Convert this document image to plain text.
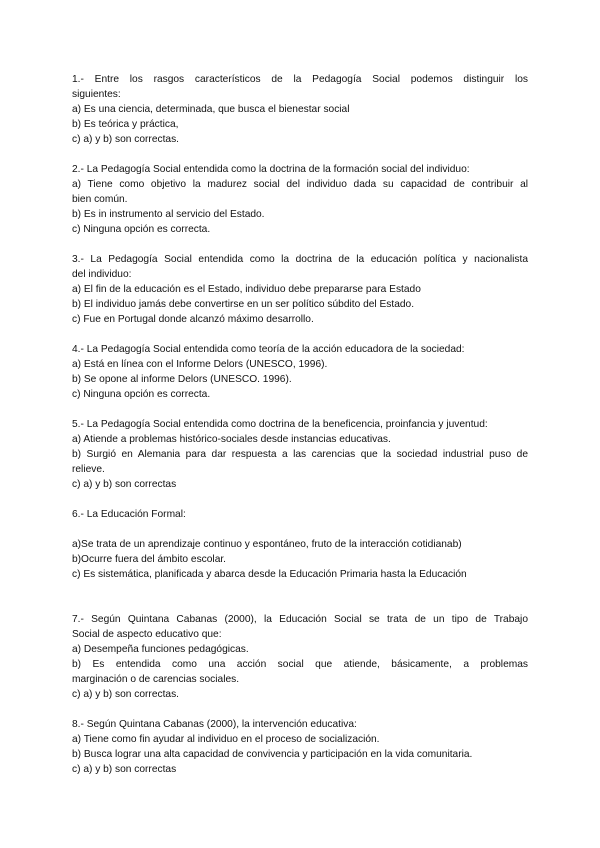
1.- Entre los rasgos característicos de la Pedagogía Social podemos distinguir los
siguientes:
a) Es una ciencia, determinada, que busca el bienestar social
b) Es teórica y práctica,
c) a) y b) son correctas.
2.- La Pedagogía Social entendida como la doctrina de la formación social del individuo:
a) Tiene como objetivo la madurez social del individuo dada su capacidad de contribuir al
bien común.
b) Es in instrumento al servicio del Estado.
c) Ninguna opción es correcta.
3.- La Pedagogía Social entendida como la doctrina de la educación política y nacionalista
del individuo:
a) El fin de la educación es el Estado, individuo debe prepararse para Estado
b) El individuo jamás debe convertirse en un ser político súbdito del Estado.
c) Fue en Portugal donde alcanzó máximo desarrollo.
4.- La Pedagogía Social entendida como teoría de la acción educadora de la sociedad:
a) Está en línea con el Informe Delors (UNESCO, 1996).
b) Se opone al informe Delors (UNESCO. 1996).
c) Ninguna opción es correcta.
5.- La Pedagogía Social entendida como doctrina de la beneficencia, proinfancia y juventud:
a) Atiende a problemas histórico-sociales desde instancias educativas.
b) Surgió en Alemania para dar respuesta a las carencias que la sociedad industrial puso de
relieve.
c) a) y b) son correctas
6.- La Educación Formal:
a)Se trata de un aprendizaje continuo y espontáneo, fruto de la interacción cotidianab)
b)Ocurre fuera del ámbito escolar.
c) Es sistemática, planificada y abarca desde la Educación Primaria hasta la Educación
7.- Según Quintana Cabanas (2000), la Educación Social se trata de un tipo de Trabajo
Social de aspecto educativo que:
a) Desempeña funciones pedagógicas.
b) Es entendida como una acción social que atiende, básicamente, a problemas
marginación o de carencias sociales.
c) a) y b) son correctas.
8.- Según Quintana Cabanas (2000), la intervención educativa:
a) Tiene como fin ayudar al individuo en el proceso de socialización.
b) Busca lograr una alta capacidad de convivencia y participación en la vida comunitaria.
c) a) y b) son correctas
